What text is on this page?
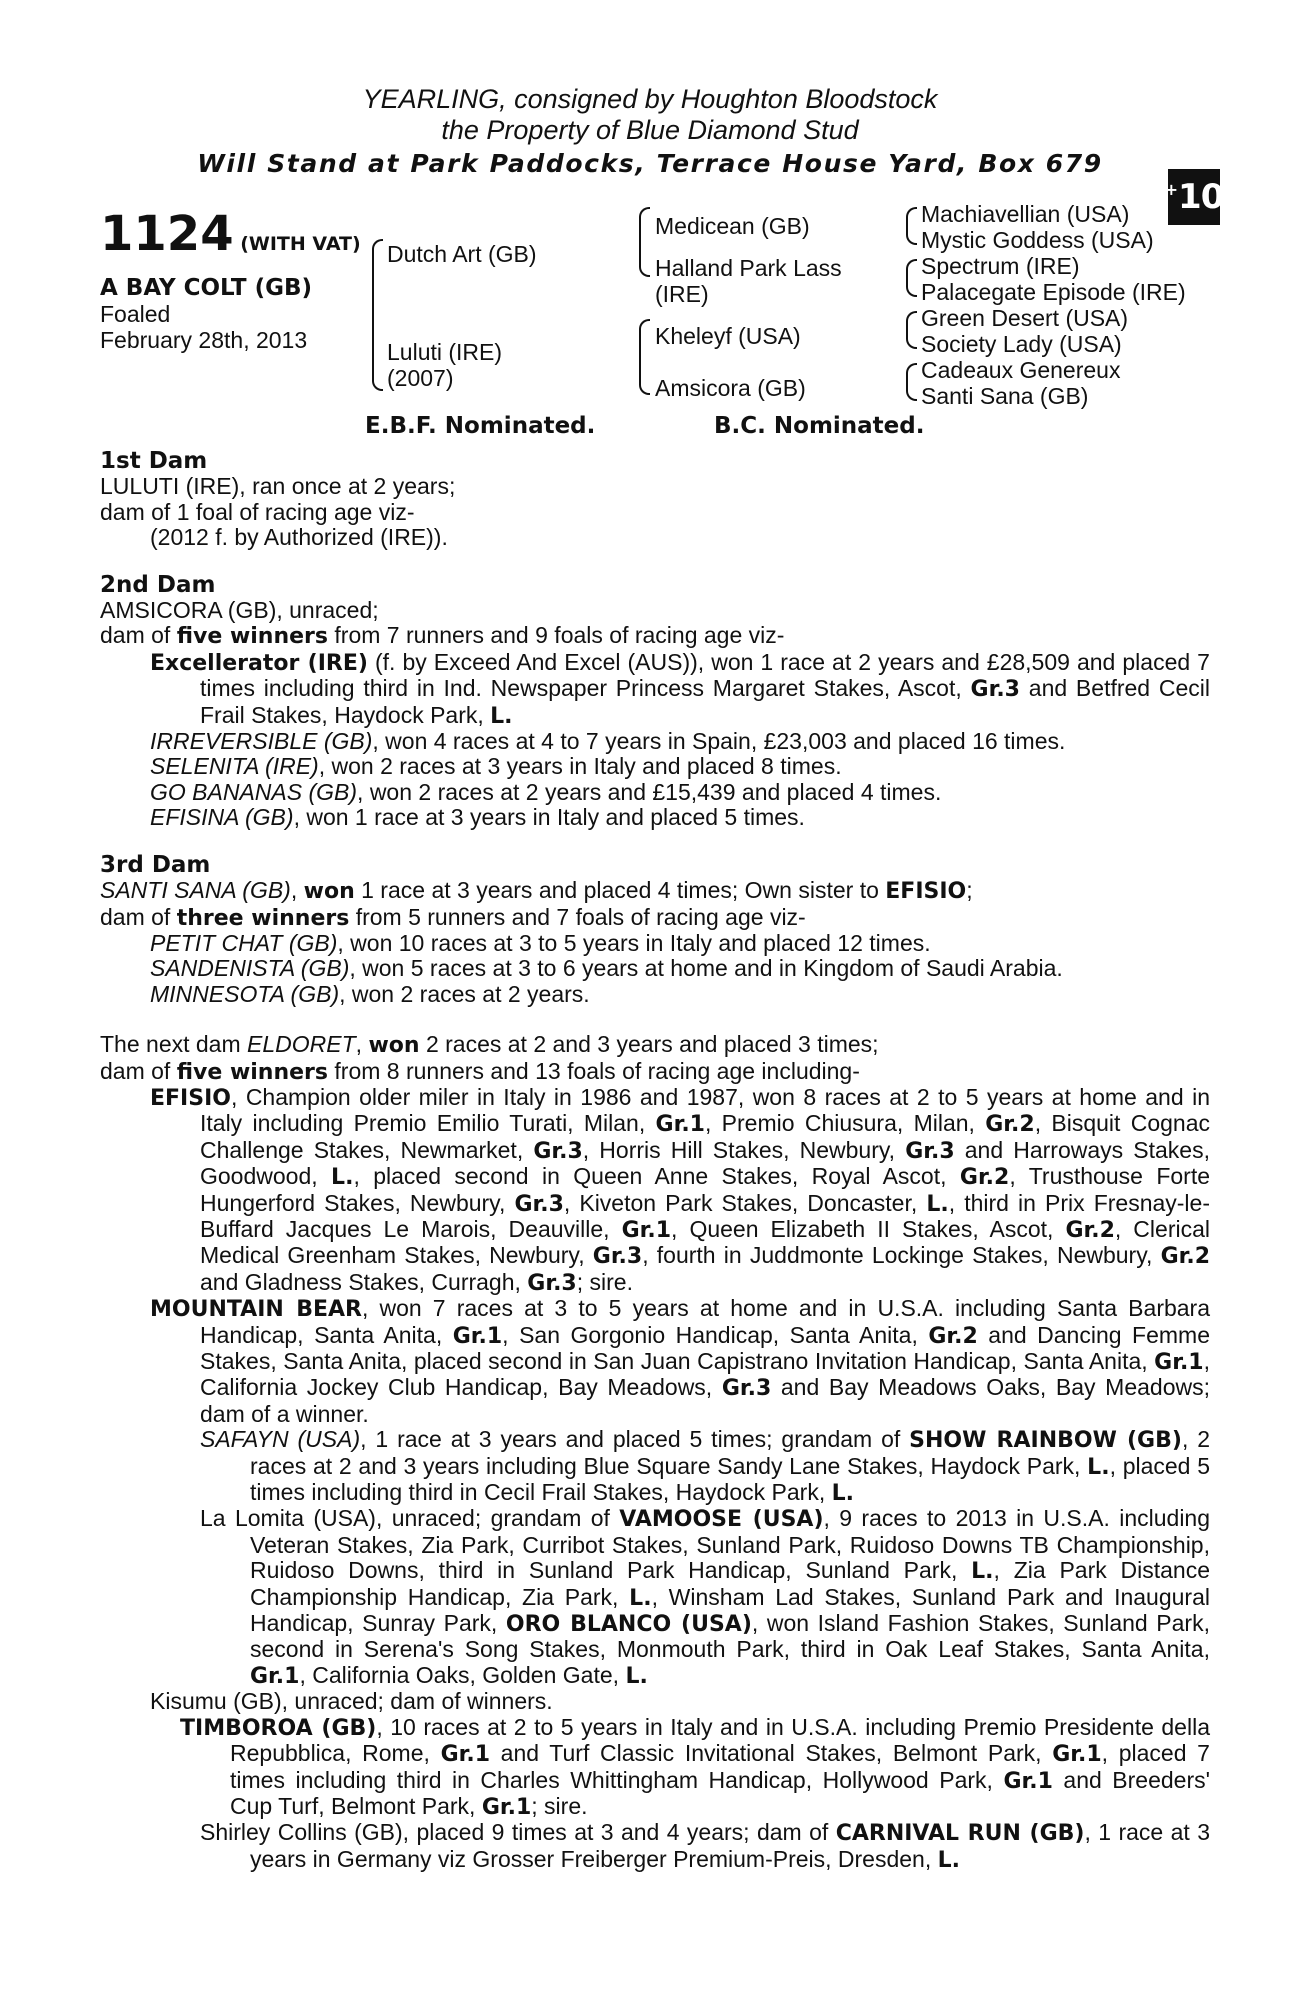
+ 10
YEARLING, consigned by Houghton Bloodstock
the Property of Blue Diamond Stud
Will Stand at Park Paddocks, Terrace House Yard, Box 679
1124 (WITH VAT)
A BAY COLT (GB)
Foaled
February 28th, 2013
Dutch Art (GB)
Luluti (IRE)
(2007)
Medicean (GB)
Halland Park Lass
(IRE)
Kheleyf (USA)
Amsicora (GB)
Machiavellian (USA)
Mystic Goddess (USA)
Spectrum (IRE)
Palacegate Episode (IRE)
Green Desert (USA)
Society Lady (USA)
Cadeaux Genereux
Santi Sana (GB)
E.B.F. Nominated.	B.C. Nominated.
1st Dam

LULUTI (IRE), ran once at 2 years;

dam of 1 foal of racing age viz-

(2012 f. by Authorized (IRE)).

2nd Dam

AMSICORA (GB), unraced;

dam of five winners from 7 runners and 9 foals of racing age viz-

Excellerator (IRE) (f. by Exceed And Excel (AUS)), won 1 race at 2 years and £28,509 and placed 7 times including third in Ind. Newspaper Princess Margaret Stakes, Ascot, Gr.3 and Betfred Cecil Frail Stakes, Haydock Park, L.

IRREVERSIBLE (GB), won 4 races at 4 to 7 years in Spain, £23,003 and placed 16 times.

SELENITA (IRE), won 2 races at 3 years in Italy and placed 8 times.

GO BANANAS (GB), won 2 races at 2 years and £15,439 and placed 4 times.

EFISINA (GB), won 1 race at 3 years in Italy and placed 5 times.

3rd Dam

SANTI SANA (GB), won 1 race at 3 years and placed 4 times; Own sister to EFISIO;

dam of three winners from 5 runners and 7 foals of racing age viz-

PETIT CHAT (GB), won 10 races at 3 to 5 years in Italy and placed 12 times.

SANDENISTA (GB), won 5 races at 3 to 6 years at home and in Kingdom of Saudi Arabia.

MINNESOTA (GB), won 2 races at 2 years.

The next dam ELDORET, won 2 races at 2 and 3 years and placed 3 times;

dam of five winners from 8 runners and 13 foals of racing age including-

EFISIO, Champion older miler in Italy in 1986 and 1987, won 8 races at 2 to 5 years at home and in Italy including Premio Emilio Turati, Milan, Gr.1, Premio Chiusura, Milan, Gr.2, Bisquit Cognac Challenge Stakes, Newmarket, Gr.3, Horris Hill Stakes, Newbury, Gr.3 and Harroways Stakes, Goodwood, L., placed second in Queen Anne Stakes, Royal Ascot, Gr.2, Trusthouse Forte Hungerford Stakes, Newbury, Gr.3, Kiveton Park Stakes, Doncaster, L., third in Prix Fresnay-le-Buffard Jacques Le Marois, Deauville, Gr.1, Queen Elizabeth II Stakes, Ascot, Gr.2, Clerical Medical Greenham Stakes, Newbury, Gr.3, fourth in Juddmonte Lockinge Stakes, Newbury, Gr.2 and Gladness Stakes, Curragh, Gr.3; sire.

MOUNTAIN BEAR, won 7 races at 3 to 5 years at home and in U.S.A. including Santa Barbara Handicap, Santa Anita, Gr.1, San Gorgonio Handicap, Santa Anita, Gr.2 and Dancing Femme Stakes, Santa Anita, placed second in San Juan Capistrano Invitation Handicap, Santa Anita, Gr.1, California Jockey Club Handicap, Bay Meadows, Gr.3 and Bay Meadows Oaks, Bay Meadows; dam of a winner.

SAFAYN (USA), 1 race at 3 years and placed 5 times; grandam of SHOW RAINBOW (GB), 2 races at 2 and 3 years including Blue Square Sandy Lane Stakes, Haydock Park, L., placed 5 times including third in Cecil Frail Stakes, Haydock Park, L.

La Lomita (USA), unraced; grandam of VAMOOSE (USA), 9 races to 2013 in U.S.A. including Veteran Stakes, Zia Park, Curribot Stakes, Sunland Park, Ruidoso Downs TB Championship, Ruidoso Downs, third in Sunland Park Handicap, Sunland Park, L., Zia Park Distance Championship Handicap, Zia Park, L., Winsham Lad Stakes, Sunland Park and Inaugural Handicap, Sunray Park, ORO BLANCO (USA), won Island Fashion Stakes, Sunland Park, second in Serena's Song Stakes, Monmouth Park, third in Oak Leaf Stakes, Santa Anita, Gr.1, California Oaks, Golden Gate, L.

Kisumu (GB), unraced; dam of winners.

TIMBOROA (GB), 10 races at 2 to 5 years in Italy and in U.S.A. including Premio Presidente della Repubblica, Rome, Gr.1 and Turf Classic Invitational Stakes, Belmont Park, Gr.1, placed 7 times including third in Charles Whittingham Handicap, Hollywood Park, Gr.1 and Breeders' Cup Turf, Belmont Park, Gr.1; sire.

Shirley Collins (GB), placed 9 times at 3 and 4 years; dam of CARNIVAL RUN (GB), 1 race at 3 years in Germany viz Grosser Freiberger Premium-Preis, Dresden, L.
